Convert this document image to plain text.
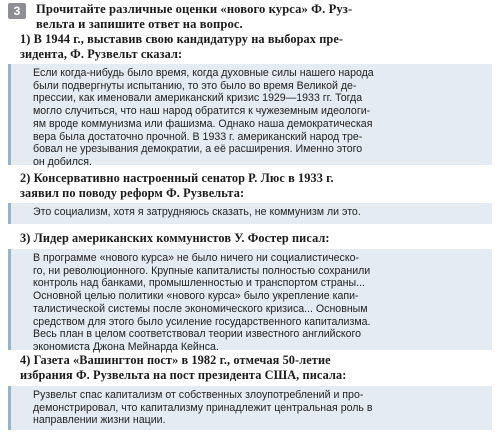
3	Прочитайте различные оценки «нового курса» Ф. Руз-
вельта и запишите ответ на вопрос.
1) В 1944 г., выставив свою кандидатуру на выборах пре-
зидента, Ф. Рузвельт сказал:

Если когда-нибудь было время, когда духовные силы нашего народа

были подвергнуты испытанию, то это было во время Великой де-

прессии, как именовали американский кризис 1929—1933 гг. Тогда

могло случиться, что наш народ обратится к чужеземным идеологи-

ям вроде коммунизма или фашизма. Однако наша демократическая

вера была достаточно прочной. В 1933 г. американский народ тре-

бовал не урезывания демократии, а её расширения. Именно этого

он добился.

2) Консервативно настроенный сенатор Р. Люс в 1933 г.
заявил по поводу реформ Ф. Рузвельта:

Это социализм, хотя я затрудняюсь сказать, не коммунизм ли это.

3) Лидер американских коммунистов У. Фостер писал:

В программе «нового курса» не было ничего ни социалистическо-

го, ни революционного. Крупные капиталисты полностью сохранили

контроль над банками, промышленностью и транспортом страны...

Основной целью политики «нового курса» было укрепление капи-

талистической системы после экономического кризиса... Основным

средством для этого было усиление государственного капитализма.

Весь план в целом соответствовал теории известного английского

экономиста Джона Мейнарда Кейнса.

4) Газета «Вашингтон пост» в 1982 г., отмечая 50-летие
избрания Ф. Рузвельта на пост президента США, писала:

Рузвельт спас капитализм от собственных злоупотреблений и про-

демонстрировал, что капитализму принадлежит центральная роль в

направлении жизни нации.
